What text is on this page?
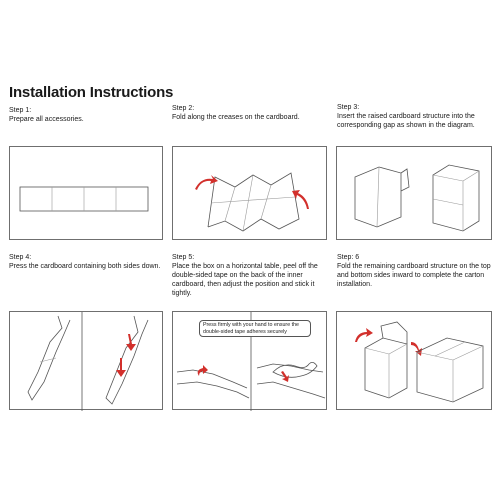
Installation Instructions
Step 1:
Prepare all accessories.
Step 2:
Fold along the creases on the cardboard.
Step 3:
Insert the raised cardboard structure into the corresponding gap as shown in the diagram.
Step 4:
Press the cardboard containing both sides down.
Step 5:
Place the box on a horizontal table, peel off the double-sided tape on the back of the inner cardboard, then adjust the position and stick it tightly.
Step: 6
Fold the remaining cardboard structure on the top and bottom sides inward to complete the carton installation.
Press firmly with your hand to ensure the double-sided tape adheres securely
